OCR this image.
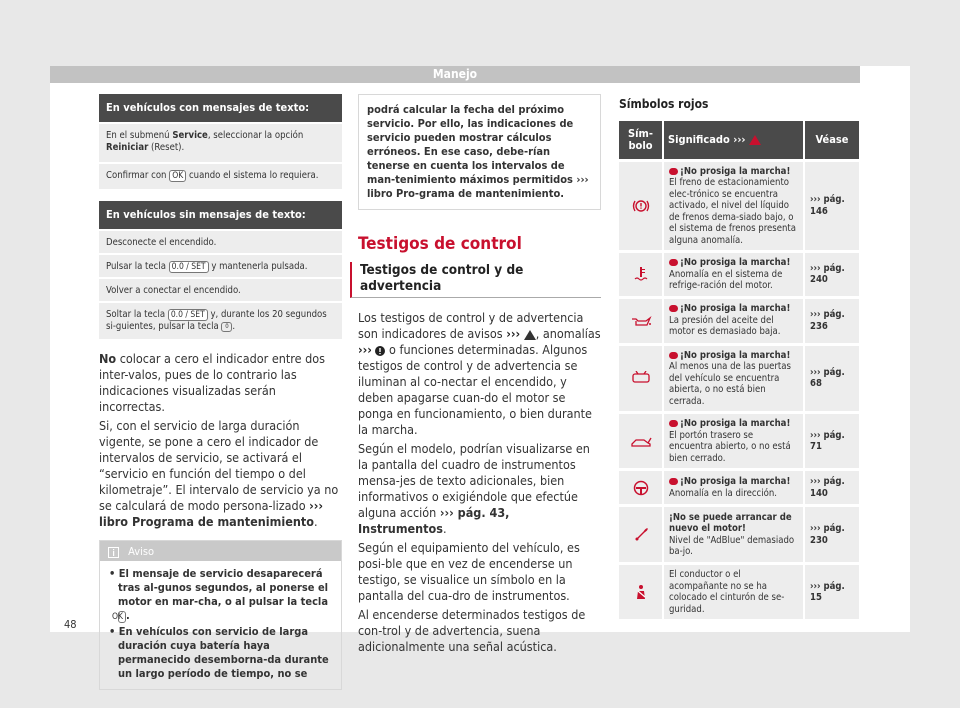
Manejo
En vehículos con mensajes de texto:
En el submenú Service, seleccionar la opción Reiniciar (Reset).
Confirmar con OK cuando el sistema lo requiera.
En vehículos sin mensajes de texto:
Desconecte el encendido.
Pulsar la tecla 0.0 / SET y mantenerla pulsada.
Volver a conectar el encendido.
Soltar la tecla 0.0 / SET y, durante los 20 segundos si-guientes, pulsar la tecla 0 .

No colocar a cero el indicador entre dos inter-valos, pues de lo contrario las indicaciones visualizadas serán incorrectas.

Si, con el servicio de larga duración vigente, se pone a cero el indicador de intervalos de servicio, se activará el “servicio en función del tiempo o del kilometraje”. El intervalo de servicio ya no se calculará de modo persona-lizado ››› libro Programa de mantenimiento.

Aviso
• El mensaje de servicio desaparecerá tras al-gunos segundos, al ponerse el motor en mar-cha, o al pulsar la tecla OK .
• En vehículos con servicio de larga duración cuya batería haya permanecido desemborna-da durante un largo período de tiempo, no se
podrá calcular la fecha del próximo servicio. Por ello, las indicaciones de servicio pueden mostrar cálculos erróneos. En ese caso, debe-rían tenerse en cuenta los intervalos de man-tenimiento máximos permitidos ››› libro Pro-grama de mantenimiento.
Testigos de control
Testigos de control y de advertencia

Los testigos de control y de advertencia son indicadores de avisos ››› , anomalías ›››  o funciones determinadas. Algunos testigos de control y de advertencia se iluminan al co-nectar el encendido, y deben apagarse cuan-do el motor se ponga en funcionamiento, o bien durante la marcha.

Según el modelo, podrían visualizarse en la pantalla del cuadro de instrumentos mensa-jes de texto adicionales, bien informativos o exigiéndole que efectúe alguna acción ››› pág. 43, Instrumentos.

Según el equipamiento del vehículo, es posi-ble que en vez de encenderse un testigo, se visualice un símbolo en la pantalla del cua-dro de instrumentos.

Al encenderse determinados testigos de con-trol y de advertencia, suena adicionalmente una señal acústica.

Símbolos rojos
Sím-bolo	Significado ›››	Véase
	¡No prosiga la marcha!
El freno de estacionamiento elec-trónico se encuentra activado, el nivel del líquido de frenos dema-siado bajo, o el sistema de frenos presenta alguna anomalía.	››› pág. 146
	¡No prosiga la marcha!
Anomalía en el sistema de refrige-ración del motor.	››› pág. 240
	¡No prosiga la marcha!
La presión del aceite del motor es demasiado baja.	››› pág. 236
	¡No prosiga la marcha!
Al menos una de las puertas del vehículo se encuentra abierta, o no está bien cerrada.	››› pág. 68
	¡No prosiga la marcha!
El portón trasero se encuentra abierto, o no está bien cerrado.	››› pág. 71
	¡No prosiga la marcha!
Anomalía en la dirección.	››› pág. 140
	¡No se puede arrancar de nuevo el motor!
Nivel de "AdBlue" demasiado ba-jo.	››› pág. 230
	El conductor o el acompañante no se ha colocado el cinturón de se-guridad.	››› pág. 15
48
